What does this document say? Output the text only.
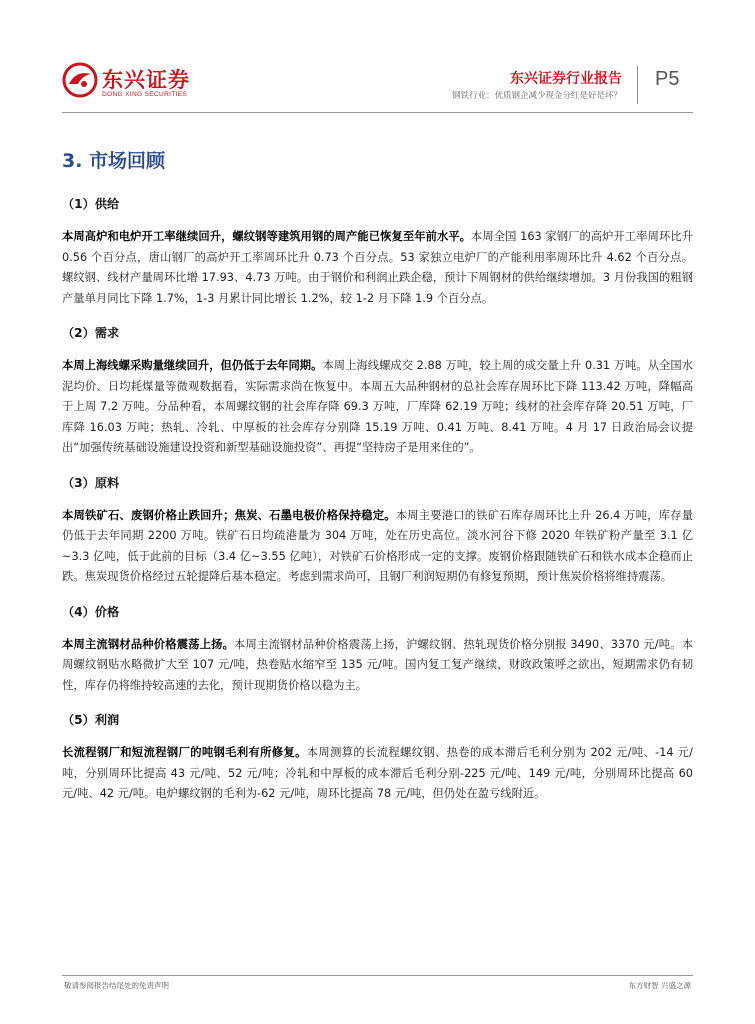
东兴证券
DONG XING SECURITIES
东兴证券行业报告
钢铁行业：优质钢企减少现金分红是好是坏？
P5
3. 市场回顾
（1）供给

本周高炉和电炉开工率继续回升，螺纹钢等建筑用钢的周产能已恢复至年前水平。本周全国 163 家钢厂的高炉开工率周环比升 0.56 个百分点，唐山钢厂的高炉开工率周环比升 0.73 个百分点。53 家独立电炉厂的产能利用率周环比升 4.62 个百分点。螺纹钢、线材产量周环比增 17.93、4.73 万吨。由于钢价和利润止跌企稳，预计下周钢材的供给继续增加。3 月份我国的粗钢产量单月同比下降 1.7%，1-3 月累计同比增长 1.2%，较 1-2 月下降 1.9 个百分点。

（2）需求

本周上海线螺采购量继续回升，但仍低于去年同期。本周上海线螺成交 2.88 万吨，较上周的成交量上升 0.31 万吨。从全国水泥均价、日均耗煤量等微观数据看，实际需求尚在恢复中。本周五大品种钢材的总社会库存周环比下降 113.42 万吨，降幅高于上周 7.2 万吨。分品种看，本周螺纹钢的社会库存降 69.3 万吨，厂库降 62.19 万吨；线材的社会库存降 20.51 万吨，厂库降 16.03 万吨；热轧、冷轧、中厚板的社会库存分别降 15.19 万吨、0.41 万吨、8.41 万吨。4 月 17 日政治局会议提出“加强传统基础设施建设投资和新型基础设施投资”、再提“坚持房子是用来住的”。

（3）原料

本周铁矿石、废钢价格止跌回升；焦炭、石墨电极价格保持稳定。本周主要港口的铁矿石库存周环比上升 26.4 万吨，库存量仍低于去年同期 2200 万吨。铁矿石日均疏港量为 304 万吨，处在历史高位。淡水河谷下修 2020 年铁矿粉产量至 3.1 亿~3.3 亿吨，低于此前的目标（3.4 亿~3.55 亿吨），对铁矿石价格形成一定的支撑。废钢价格跟随铁矿石和铁水成本企稳而止跌。焦炭现货价格经过五轮提降后基本稳定。考虑到需求尚可，且钢厂利润短期仍有修复预期，预计焦炭价格将维持震荡。

（4）价格

本周主流钢材品种价格震荡上扬。本周主流钢材品种价格震荡上扬，沪螺纹钢、热轧现货价格分别报 3490、3370 元/吨。本周螺纹钢贴水略微扩大至 107 元/吨，热卷贴水缩窄至 135 元/吨。国内复工复产继续，财政政策呼之欲出，短期需求仍有韧性，库存仍将维持较高速的去化，预计现期货价格以稳为主。

（5）利润

长流程钢厂和短流程钢厂的吨钢毛利有所修复。本周测算的长流程螺纹钢、热卷的成本滞后毛利分别为 202 元/吨、-14 元/吨，分别周环比提高 43 元/吨、52 元/吨；冷轧和中厚板的成本滞后毛利分别-225 元/吨、149 元/吨，分别周环比提高 60 元/吨、42 元/吨。电炉螺纹钢的毛利为-62 元/吨，周环比提高 78 元/吨，但仍处在盈亏线附近。

敬请参阅报告结尾处的免责声明	东方财智 兴盛之源
